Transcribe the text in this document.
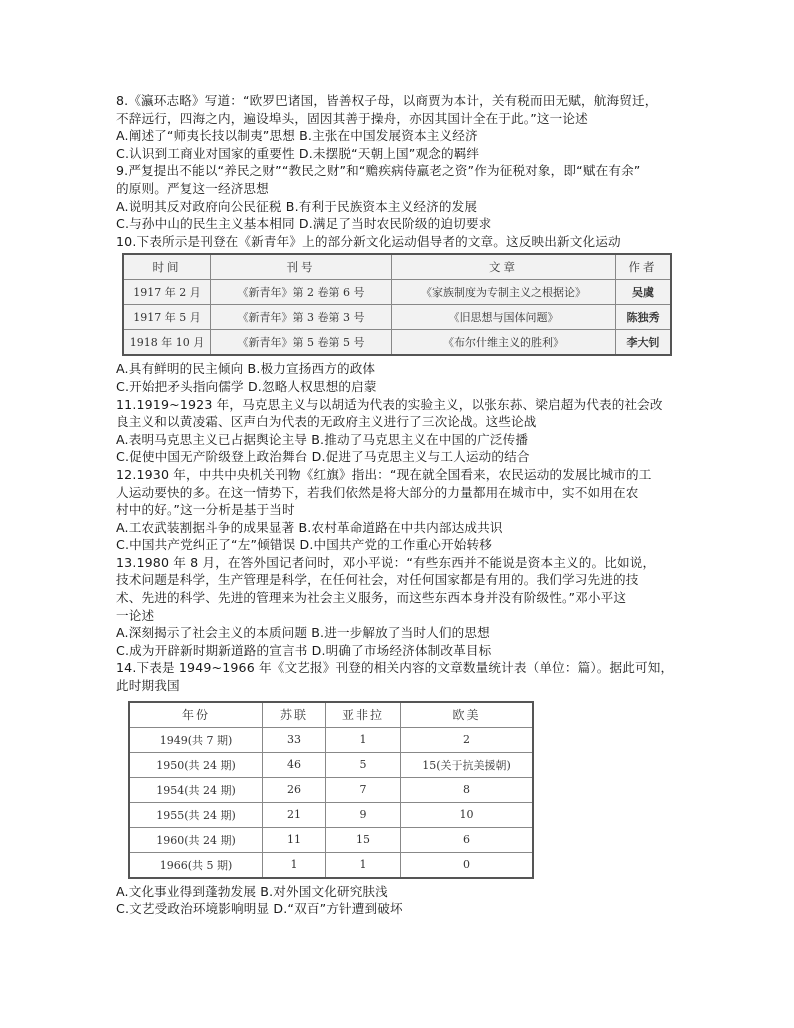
8.《瀛环志略》写道：“欧罗巴诸国，皆善权子母，以商贾为本计，关有税而田无赋，航海贸迁，
不辞远行，四海之内，遍设埠头，固因其善于操舟，亦因其国计全在于此。”这一论述
A.阐述了“师夷长技以制夷”思想 B.主张在中国发展资本主义经济
C.认识到工商业对国家的重要性 D.未摆脱“天朝上国”观念的羁绊
9.严复提出不能以“养民之财”“教民之财”和“赡疾病侍羸老之资”作为征税对象，即“赋在有余”
的原则。严复这一经济思想
A.说明其反对政府向公民征税 B.有利于民族资本主义经济的发展
C.与孙中山的民生主义基本相同 D.满足了当时农民阶级的迫切要求
10.下表所示是刊登在《新青年》上的部分新文化运动倡导者的文章。这反映出新文化运动
时间	刊号	文章	作者
1917 年 2 月	《新青年》第 2 卷第 6 号	《家族制度为专制主义之根据论》	吴虞
1917 年 5 月	《新青年》第 3 卷第 3 号	《旧思想与国体问题》	陈独秀
1918 年 10 月	《新青年》第 5 卷第 5 号	《布尔什维主义的胜利》	李大钊
A.具有鲜明的民主倾向 B.极力宣扬西方的政体
C.开始把矛头指向儒学 D.忽略人权思想的启蒙
11.1919~1923 年，马克思主义与以胡适为代表的实验主义，以张东荪、梁启超为代表的社会改
良主义和以黄凌霜、区声白为代表的无政府主义进行了三次论战。这些论战
A.表明马克思主义已占据舆论主导 B.推动了马克思主义在中国的广泛传播
C.促使中国无产阶级登上政治舞台 D.促进了马克思主义与工人运动的结合
12.1930 年，中共中央机关刊物《红旗》指出：“现在就全国看来，农民运动的发展比城市的工
人运动要快的多。在这一情势下，若我们依然是将大部分的力量都用在城市中，实不如用在农
村中的好。”这一分析是基于当时
A.工农武装割据斗争的成果显著 B.农村革命道路在中共内部达成共识
C.中国共产党纠正了“左”倾错误 D.中国共产党的工作重心开始转移
13.1980 年 8 月，在答外国记者问时，邓小平说：“有些东西并不能说是资本主义的。比如说，
技术问题是科学，生产管理是科学，在任何社会，对任何国家都是有用的。我们学习先进的技
术、先进的科学、先进的管理来为社会主义服务，而这些东西本身并没有阶级性。”邓小平这
一论述
A.深刻揭示了社会主义的本质问题 B.进一步解放了当时人们的思想
C.成为开辟新时期新道路的宣言书 D.明确了市场经济体制改革目标
14.下表是 1949~1966 年《文艺报》刊登的相关内容的文章数量统计表（单位：篇）。据此可知，
此时期我国
年份	苏联	亚非拉	欧美
1949(共 7 期)	33	1	2
1950(共 24 期)	46	5	15(关于抗美援朝)
1954(共 24 期)	26	7	8
1955(共 24 期)	21	9	10
1960(共 24 期)	11	15	6
1966(共 5 期)	1	1	0
A.文化事业得到蓬勃发展 B.对外国文化研究肤浅
C.文艺受政治环境影响明显 D.“双百”方针遭到破坏
